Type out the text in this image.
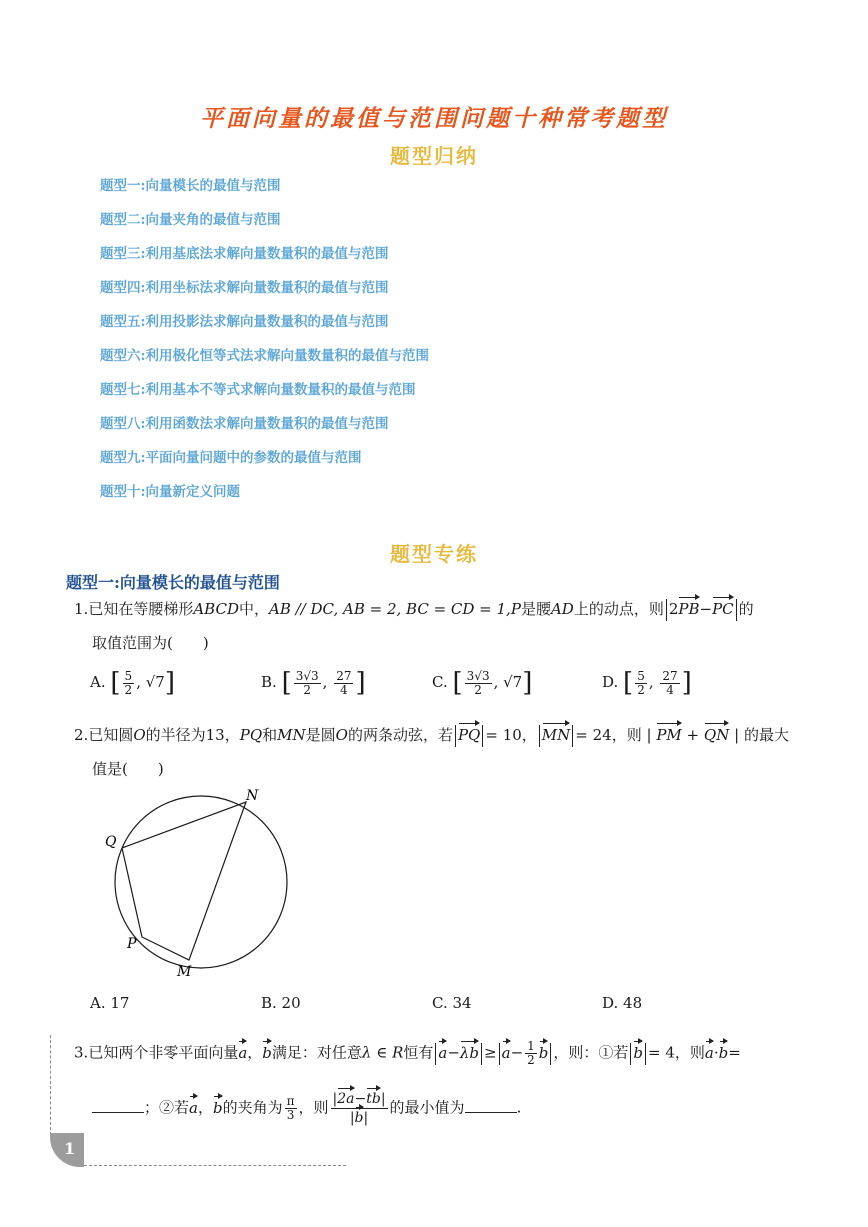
平面向量的最值与范围问题十种常考题型
题型归纳
题型一:向量模长的最值与范围
题型二:向量夹角的最值与范围
题型三:利用基底法求解向量数量积的最值与范围
题型四:利用坐标法求解向量数量积的最值与范围
题型五:利用投影法求解向量数量积的最值与范围
题型六:利用极化恒等式法求解向量数量积的最值与范围
题型七:利用基本不等式求解向量数量积的最值与范围
题型八:利用函数法求解向量数量积的最值与范围
题型九:平面向量问题中的参数的最值与范围
题型十:向量新定义问题
题型专练
题型一:向量模长的最值与范围
1.已知在等腰梯形ABCD中，AB // DC, AB = 2, BC = CD = 1,P是腰AD上的动点，则 2PB−PC 的
取值范围为(　　)
A. [ $\frac{5}{2}$ , √7]	B. [ $\frac{3√3}{2}$ , $\frac{27}{4}$ ]	C. [ $\frac{3√3}{2}$ , √7]	D. [ $\frac{5}{2}$ , $\frac{27}{4}$ ]
2.已知圆O的半径为13，PQ和MN是圆O的两条动弦，若 PQ = 10， MN = 24，则 | PM + QN | 的最大
值是(　　)
N
Q
P
M
A. 17	B. 20	C. 34	D. 48
3.已知两个非零平面向量a，b满足：对任意λ ∈ R恒有 $a-\lambda b \ge a- \frac{1}{2}$ b ，则：①若 b = 4，则a·b=
；②若a，b的夹角为 $\frac{\pi}{3}$ ，则 $\frac{|2a-tb|}{|b|}$ 的最小值为	.
1
